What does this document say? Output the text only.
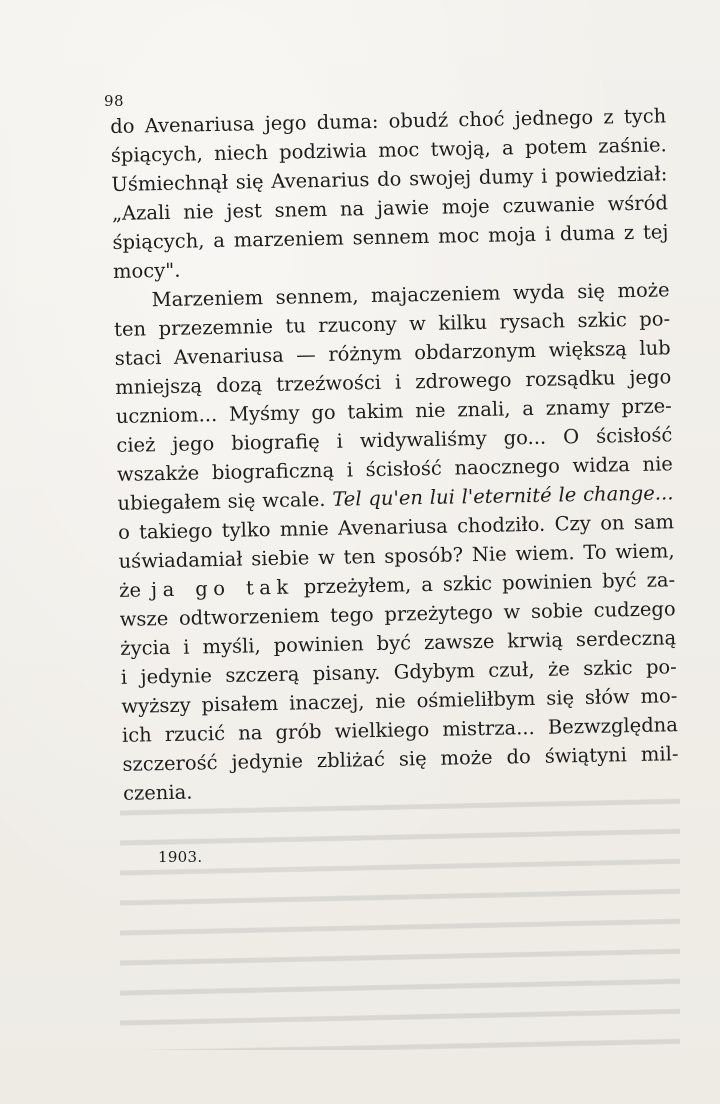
98
do Avenariusa jego duma: obudź choć jednego z tych
śpiących, niech podziwia moc twoją, a potem zaśnie.
Uśmiechnął się Avenarius do swojej dumy i powiedział:
„Azali nie jest snem na jawie moje czuwanie wśród
śpiących, a marzeniem sennem moc moja i duma z tej
mocy".
Marzeniem sennem, majaczeniem wyda się może
ten przezemnie tu rzucony w kilku rysach szkic po-
staci Avenariusa — różnym obdarzonym większą lub
mniejszą dozą trzeźwości i zdrowego rozsądku jego
uczniom... Myśmy go takim nie znali, a znamy prze-
cież jego biografię i widywaliśmy go... O ścisłość
wszakże biograficzną i ścisłość naocznego widza nie
ubiegałem się wcale. Tel qu'en lui l'eternité le change...
o takiego tylko mnie Avenariusa chodziło. Czy on sam
uświadamiał siebie w ten sposób? Nie wiem. To wiem,
że ja go tak przeżyłem, a szkic powinien być za-
wsze odtworzeniem tego przeżytego w sobie cudzego
życia i myśli, powinien być zawsze krwią serdeczną
i jedynie szczerą pisany. Gdybym czuł, że szkic po-
wyższy pisałem inaczej, nie ośmieliłbym się słów mo-
ich rzucić na grób wielkiego mistrza... Bezwzględna
szczerość jedynie zbliżać się może do świątyni mil-
czenia.
1903.
